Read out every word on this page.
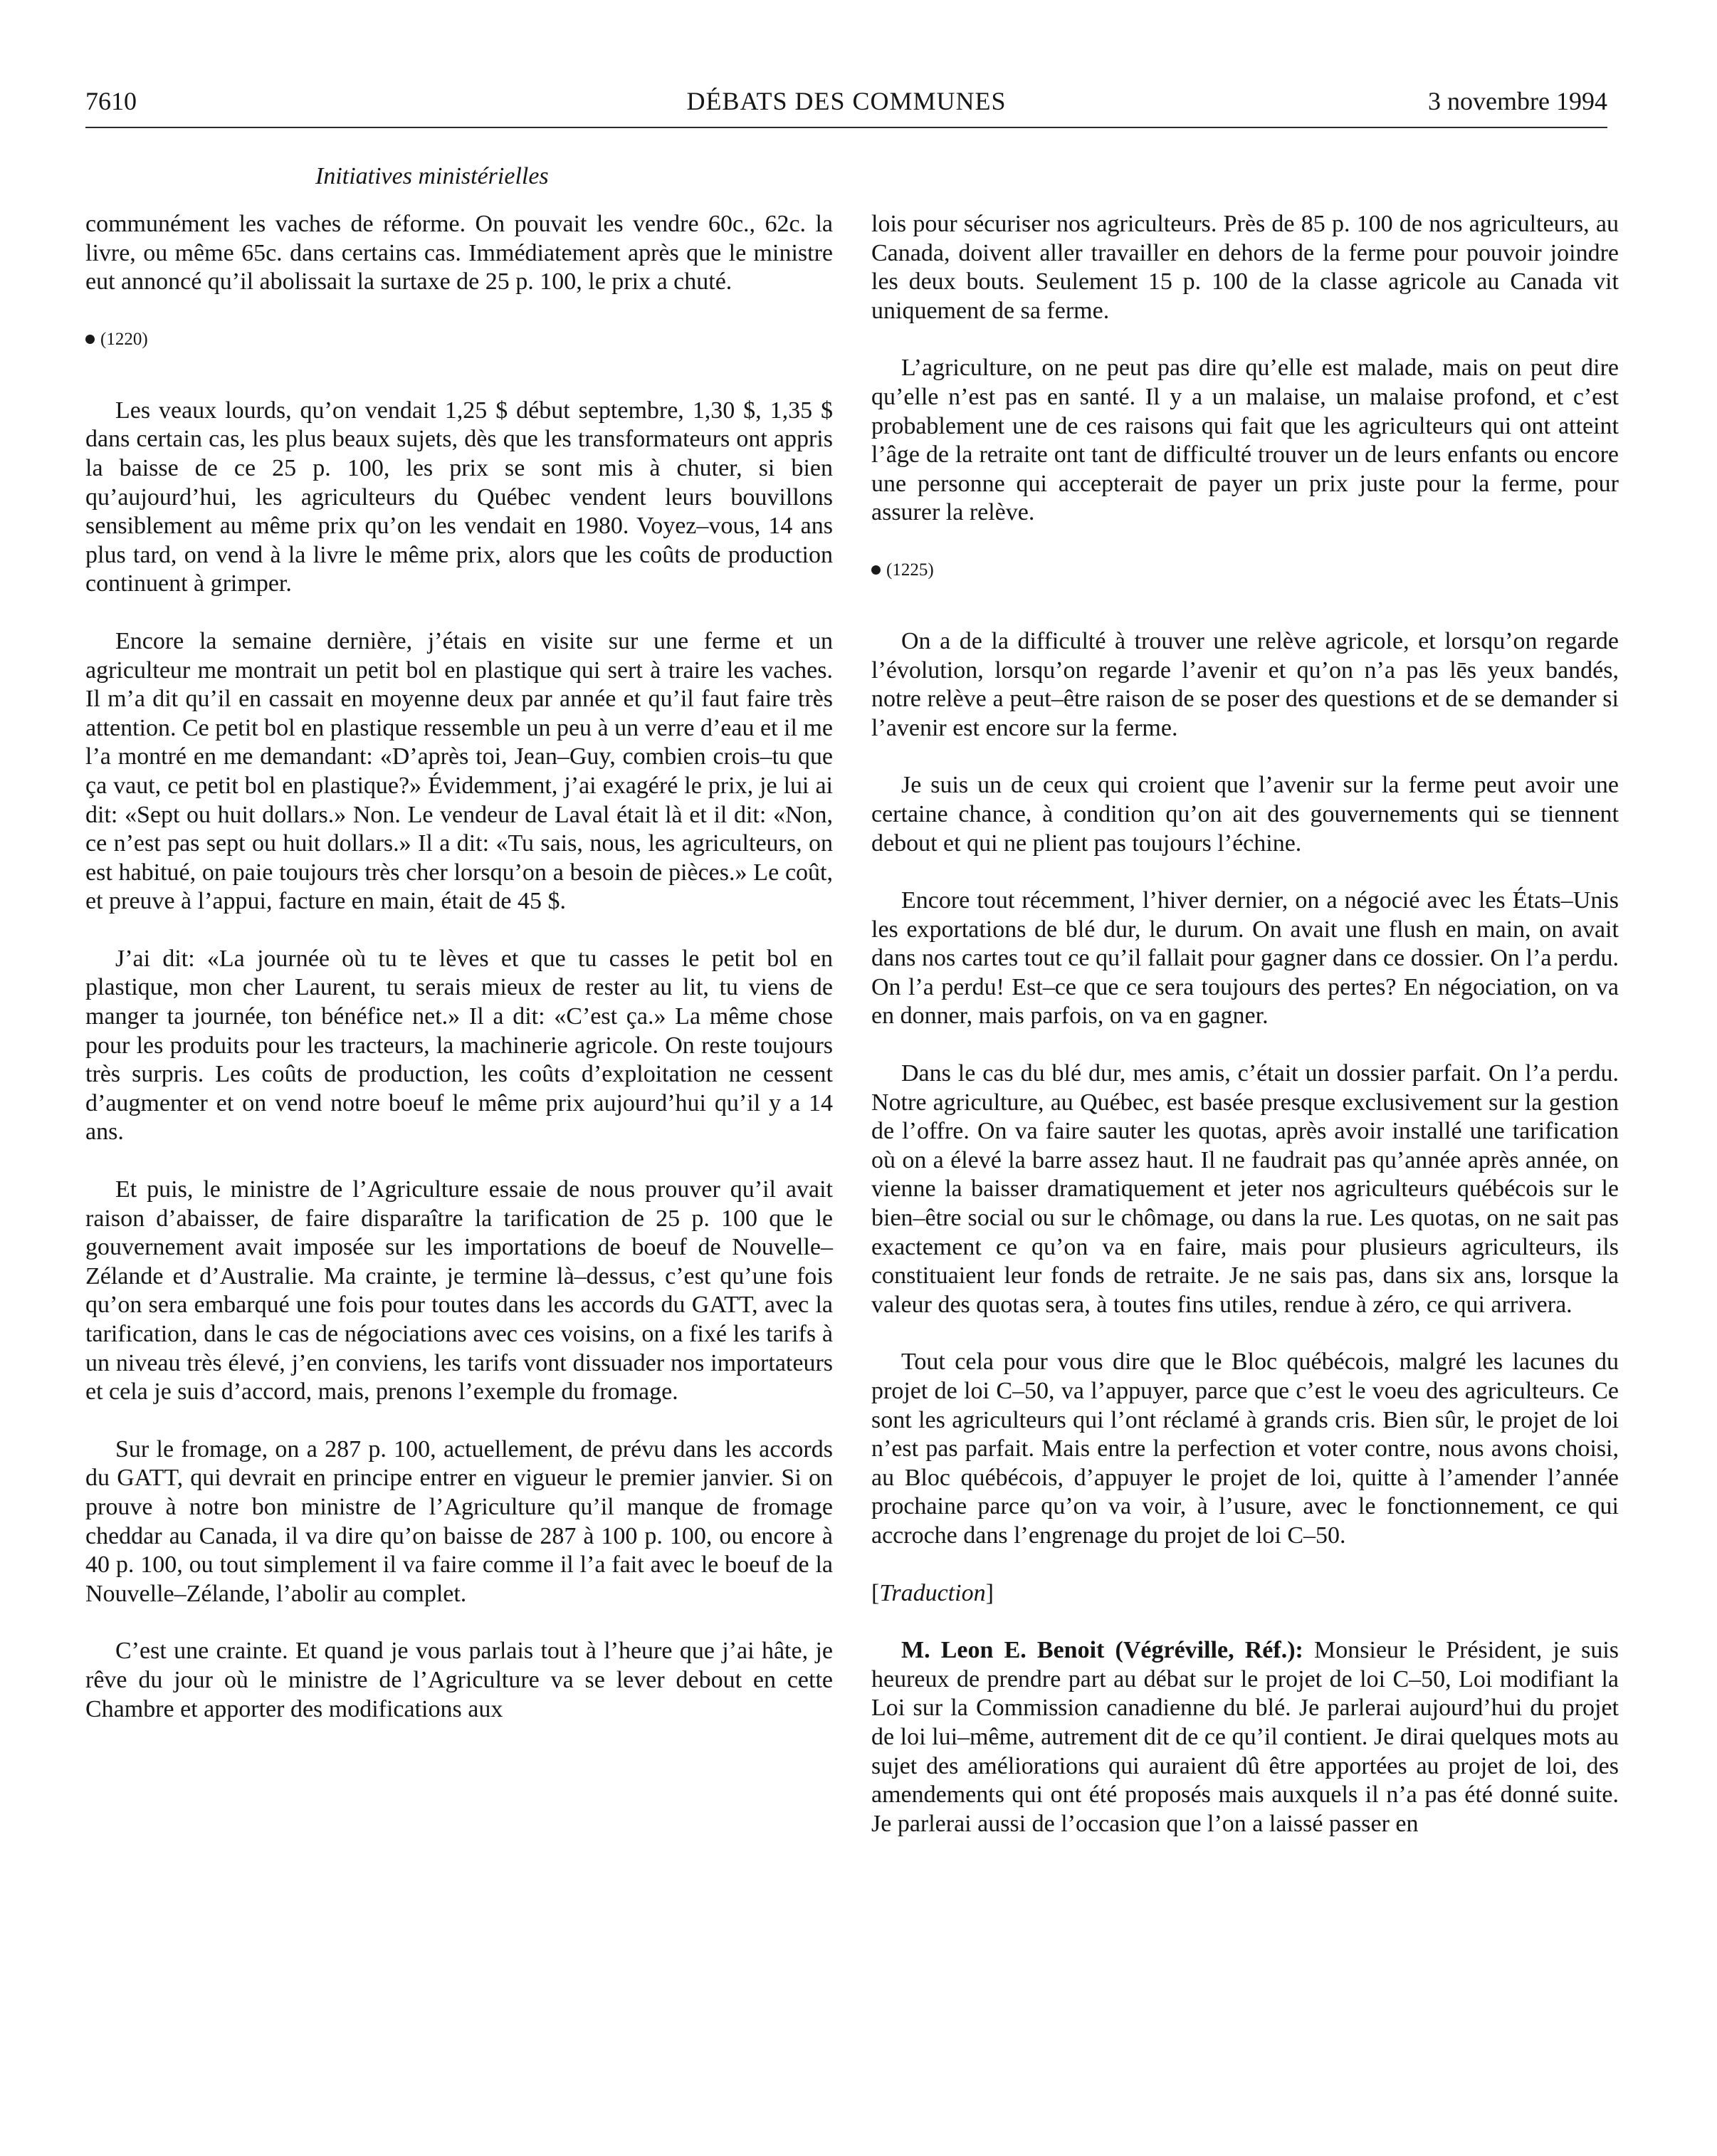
7610	DÉBATS DES COMMUNES	3 novembre 1994
Initiatives ministérielles

communément les vaches de réforme. On pouvait les vendre 60c., 62c. la livre, ou même 65c. dans certains cas. Immédiatement après que le ministre eut annoncé qu’il abolissait la surtaxe de 25 p. 100, le prix a chuté.

(1220)

Les veaux lourds, qu’on vendait 1,25 $ début septembre, 1,30 $, 1,35 $ dans certain cas, les plus beaux sujets, dès que les transformateurs ont appris la baisse de ce 25 p. 100, les prix se sont mis à chuter, si bien qu’aujourd’hui, les agriculteurs du Québec vendent leurs bouvillons sensiblement au même prix qu’on les vendait en 1980. Voyez–vous, 14 ans plus tard, on vend à la livre le même prix, alors que les coûts de production continuent à grimper.

Encore la semaine dernière, j’étais en visite sur une ferme et un agriculteur me montrait un petit bol en plastique qui sert à traire les vaches. Il m’a dit qu’il en cassait en moyenne deux par année et qu’il faut faire très attention. Ce petit bol en plastique ressemble un peu à un verre d’eau et il me l’a montré en me demandant: «D’après toi, Jean–Guy, combien crois–tu que ça vaut, ce petit bol en plastique?» Évidemment, j’ai exagéré le prix, je lui ai dit: «Sept ou huit dollars.» Non. Le vendeur de Laval était là et il dit: «Non, ce n’est pas sept ou huit dollars.» Il a dit: «Tu sais, nous, les agriculteurs, on est habitué, on paie toujours très cher lorsqu’on a besoin de pièces.» Le coût, et preuve à l’appui, facture en main, était de 45 $.

J’ai dit: «La journée où tu te lèves et que tu casses le petit bol en plastique, mon cher Laurent, tu serais mieux de rester au lit, tu viens de manger ta journée, ton bénéfice net.» Il a dit: «C’est ça.» La même chose pour les produits pour les tracteurs, la machinerie agricole. On reste toujours très surpris. Les coûts de production, les coûts d’exploitation ne cessent d’augmenter et on vend notre boeuf le même prix aujourd’hui qu’il y a 14 ans.

Et puis, le ministre de l’Agriculture essaie de nous prouver qu’il avait raison d’abaisser, de faire disparaître la tarification de 25 p. 100 que le gouvernement avait imposée sur les importations de boeuf de Nouvelle–Zélande et d’Australie. Ma crainte, je termine là–dessus, c’est qu’une fois qu’on sera embarqué une fois pour toutes dans les accords du GATT, avec la tarification, dans le cas de négociations avec ces voisins, on a fixé les tarifs à un niveau très élevé, j’en conviens, les tarifs vont dissuader nos importateurs et cela je suis d’accord, mais, prenons l’exemple du fromage.

Sur le fromage, on a 287 p. 100, actuellement, de prévu dans les accords du GATT, qui devrait en principe entrer en vigueur le premier janvier. Si on prouve à notre bon ministre de l’Agriculture qu’il manque de fromage cheddar au Canada, il va dire qu’on baisse de 287 à 100 p. 100, ou encore à 40 p. 100, ou tout simplement il va faire comme il l’a fait avec le boeuf de la Nouvelle–Zélande, l’abolir au complet.

C’est une crainte. Et quand je vous parlais tout à l’heure que j’ai hâte, je rêve du jour où le ministre de l’Agriculture va se lever debout en cette Chambre et apporter des modifications aux

lois pour sécuriser nos agriculteurs. Près de 85 p. 100 de nos agriculteurs, au Canada, doivent aller travailler en dehors de la ferme pour pouvoir joindre les deux bouts. Seulement 15 p. 100 de la classe agricole au Canada vit uniquement de sa ferme.

L’agriculture, on ne peut pas dire qu’elle est malade, mais on peut dire qu’elle n’est pas en santé. Il y a un malaise, un malaise profond, et c’est probablement une de ces raisons qui fait que les agriculteurs qui ont atteint l’âge de la retraite ont tant de difficulté trouver un de leurs enfants ou encore une personne qui accepterait de payer un prix juste pour la ferme, pour assurer la relève.

(1225)

On a de la difficulté à trouver une relève agricole, et lorsqu’on regarde l’évolution, lorsqu’on regarde l’avenir et qu’on n’a pas lēs yeux bandés, notre relève a peut–être raison de se poser des questions et de se demander si l’avenir est encore sur la ferme.

Je suis un de ceux qui croient que l’avenir sur la ferme peut avoir une certaine chance, à condition qu’on ait des gouvernements qui se tiennent debout et qui ne plient pas toujours l’échine.

Encore tout récemment, l’hiver dernier, on a négocié avec les États–Unis les exportations de blé dur, le durum. On avait une flush en main, on avait dans nos cartes tout ce qu’il fallait pour gagner dans ce dossier. On l’a perdu. On l’a perdu! Est–ce que ce sera toujours des pertes? En négociation, on va en donner, mais parfois, on va en gagner.

Dans le cas du blé dur, mes amis, c’était un dossier parfait. On l’a perdu. Notre agriculture, au Québec, est basée presque exclusivement sur la gestion de l’offre. On va faire sauter les quotas, après avoir installé une tarification où on a élevé la barre assez haut. Il ne faudrait pas qu’année après année, on vienne la baisser dramatiquement et jeter nos agriculteurs québécois sur le bien–être social ou sur le chômage, ou dans la rue. Les quotas, on ne sait pas exactement ce qu’on va en faire, mais pour plusieurs agriculteurs, ils constituaient leur fonds de retraite. Je ne sais pas, dans six ans, lorsque la valeur des quotas sera, à toutes fins utiles, rendue à zéro, ce qui arrivera.

Tout cela pour vous dire que le Bloc québécois, malgré les lacunes du projet de loi C–50, va l’appuyer, parce que c’est le voeu des agriculteurs. Ce sont les agriculteurs qui l’ont réclamé à grands cris. Bien sûr, le projet de loi n’est pas parfait. Mais entre la perfection et voter contre, nous avons choisi, au Bloc québécois, d’appuyer le projet de loi, quitte à l’amender l’année prochaine parce qu’on va voir, à l’usure, avec le fonctionnement, ce qui accroche dans l’engrenage du projet de loi C–50.

[Traduction]

M. Leon E. Benoit (Végréville, Réf.): Monsieur le Président, je suis heureux de prendre part au débat sur le projet de loi C–50, Loi modifiant la Loi sur la Commission canadienne du blé. Je parlerai aujourd’hui du projet de loi lui–même, autrement dit de ce qu’il contient. Je dirai quelques mots au sujet des améliorations qui auraient dû être apportées au projet de loi, des amendements qui ont été proposés mais auxquels il n’a pas été donné suite. Je parlerai aussi de l’occasion que l’on a laissé passer en
